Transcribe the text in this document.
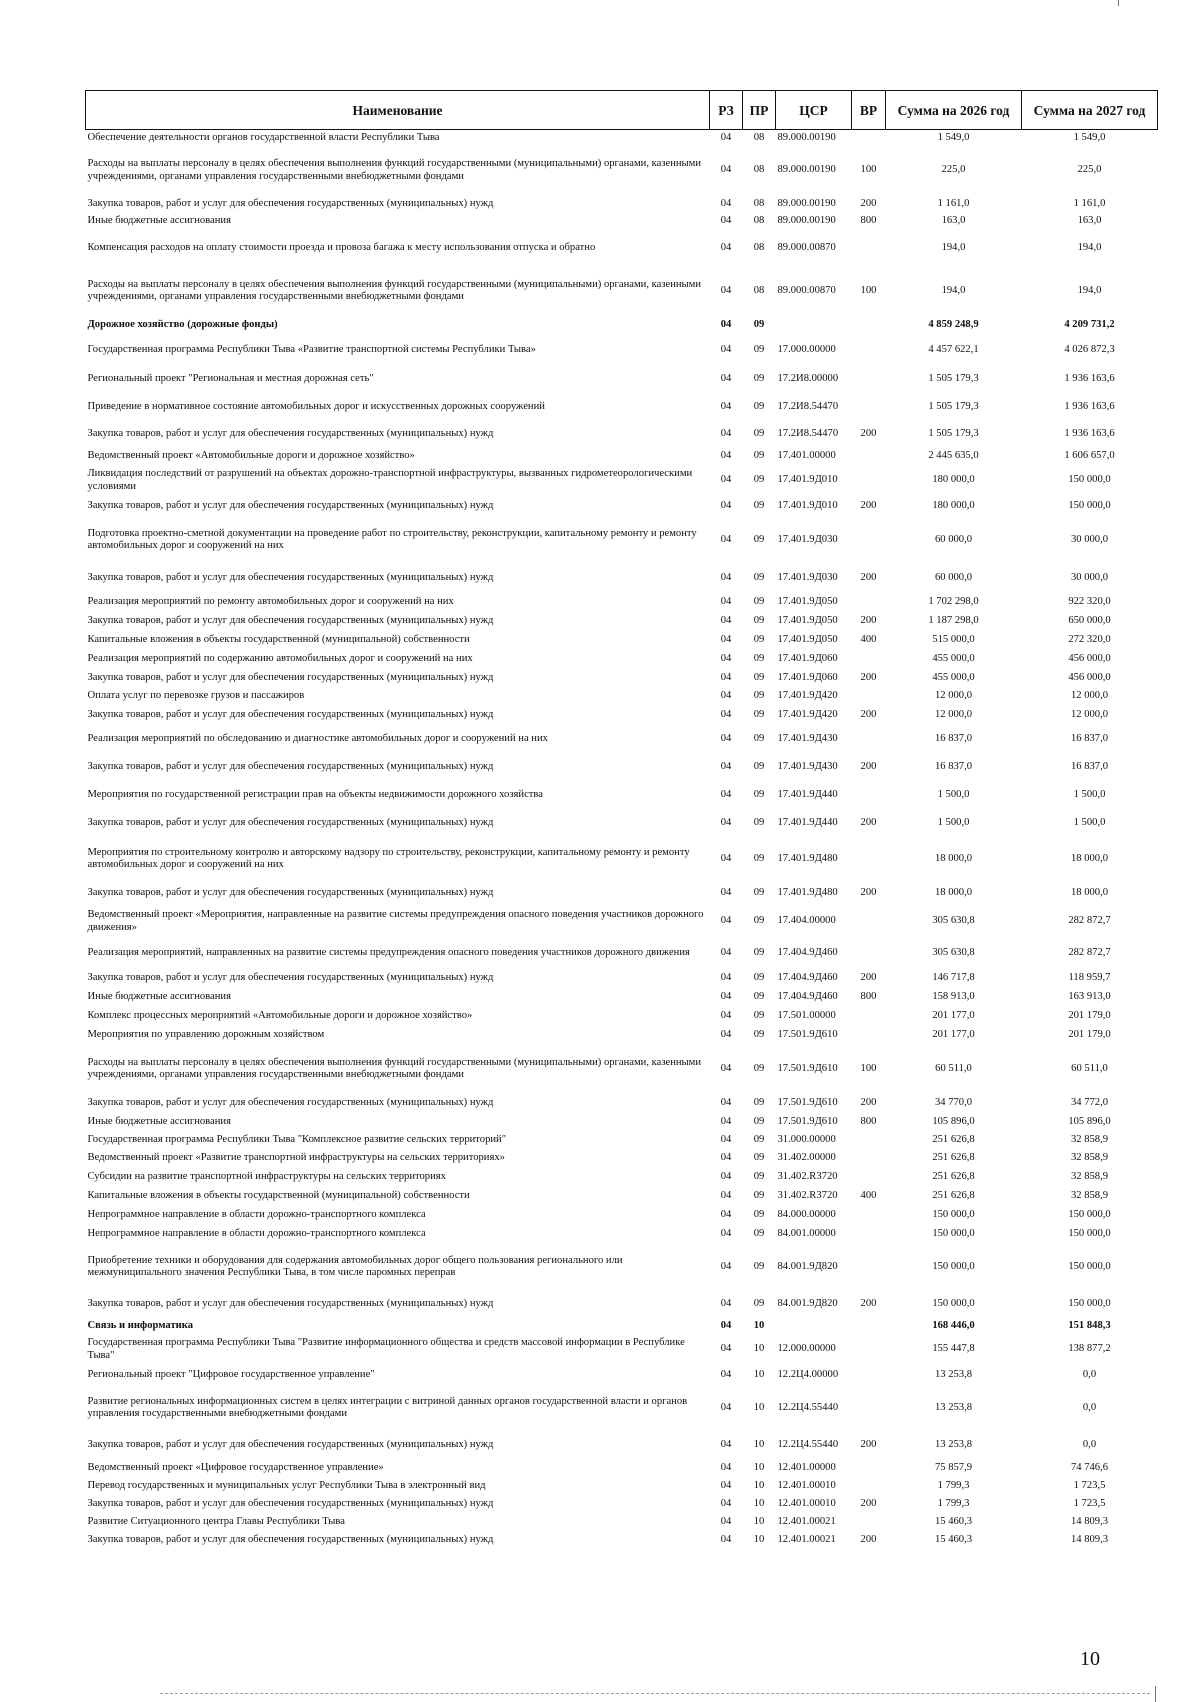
Наименование	РЗ	ПР	ЦСР	ВР	Сумма на 2026 год	Сумма на 2027 год
Обеспечение деятельности органов государственной власти Республики Тыва	04	08	89.000.00190		1 549,0	1 549,0
Расходы на выплаты персоналу в целях обеспечения выполнения функций государственными (муниципальными) органами, казенными учреждениями, органами управления государственными внебюджетными фондами	04	08	89.000.00190	100	225,0	225,0
Закупка товаров, работ и услуг для обеспечения государственных (муниципальных) нужд	04	08	89.000.00190	200	1 161,0	1 161,0
Иные бюджетные ассигнования	04	08	89.000.00190	800	163,0	163,0
Компенсация расходов на оплату стоимости проезда и провоза багажа к месту использования отпуска и обратно	04	08	89.000.00870		194,0	194,0
Расходы на выплаты персоналу в целях обеспечения выполнения функций государственными (муниципальными) органами, казенными учреждениями, органами управления государственными внебюджетными фондами	04	08	89.000.00870	100	194,0	194,0
Дорожное хозяйство (дорожные фонды)	04	09			4 859 248,9	4 209 731,2
Государственная программа Республики Тыва «Развитие транспортной системы Республики Тыва»	04	09	17.000.00000		4 457 622,1	4 026 872,3
Региональный проект "Региональная и местная дорожная сеть"	04	09	17.2И8.00000		1 505 179,3	1 936 163,6
Приведение в нормативное состояние автомобильных дорог и искусственных дорожных сооружений	04	09	17.2И8.54470		1 505 179,3	1 936 163,6
Закупка товаров, работ и услуг для обеспечения государственных (муниципальных) нужд	04	09	17.2И8.54470	200	1 505 179,3	1 936 163,6
Ведомственный проект «Автомобильные дороги и дорожное хозяйство»	04	09	17.401.00000		2 445 635,0	1 606 657,0
Ликвидация последствий от разрушений на объектах дорожно-транспортной инфраструктуры, вызванных гидрометеорологическими условиями	04	09	17.401.9Д010		180 000,0	150 000,0
Закупка товаров, работ и услуг для обеспечения государственных (муниципальных) нужд	04	09	17.401.9Д010	200	180 000,0	150 000,0
Подготовка проектно-сметной документации на проведение работ по строительству, реконструкции, капитальному ремонту и ремонту автомобильных дорог и сооружений на них	04	09	17.401.9Д030		60 000,0	30 000,0
Закупка товаров, работ и услуг для обеспечения государственных (муниципальных) нужд	04	09	17.401.9Д030	200	60 000,0	30 000,0
Реализация мероприятий по ремонту автомобильных дорог и сооружений на них	04	09	17.401.9Д050		1 702 298,0	922 320,0
Закупка товаров, работ и услуг для обеспечения государственных (муниципальных) нужд	04	09	17.401.9Д050	200	1 187 298,0	650 000,0
Капитальные вложения в объекты государственной (муниципальной) собственности	04	09	17.401.9Д050	400	515 000,0	272 320,0
Реализация мероприятий по содержанию автомобильных дорог и сооружений на них	04	09	17.401.9Д060		455 000,0	456 000,0
Закупка товаров, работ и услуг для обеспечения государственных (муниципальных) нужд	04	09	17.401.9Д060	200	455 000,0	456 000,0
Оплата услуг по перевозке грузов и пассажиров	04	09	17.401.9Д420		12 000,0	12 000,0
Закупка товаров, работ и услуг для обеспечения государственных (муниципальных) нужд	04	09	17.401.9Д420	200	12 000,0	12 000,0
Реализация мероприятий по обследованию и диагностике автомобильных дорог и сооружений на них	04	09	17.401.9Д430		16 837,0	16 837,0
Закупка товаров, работ и услуг для обеспечения государственных (муниципальных) нужд	04	09	17.401.9Д430	200	16 837,0	16 837,0
Мероприятия по государственной регистрации прав на объекты недвижимости дорожного хозяйства	04	09	17.401.9Д440		1 500,0	1 500,0
Закупка товаров, работ и услуг для обеспечения государственных (муниципальных) нужд	04	09	17.401.9Д440	200	1 500,0	1 500,0
Мероприятия по строительному контролю и авторскому надзору по строительству, реконструкции, капитальному ремонту и ремонту автомобильных дорог и сооружений на них	04	09	17.401.9Д480		18 000,0	18 000,0
Закупка товаров, работ и услуг для обеспечения государственных (муниципальных) нужд	04	09	17.401.9Д480	200	18 000,0	18 000,0
Ведомственный проект «Мероприятия, направленные на развитие системы предупреждения опасного поведения участников дорожного движения»	04	09	17.404.00000		305 630,8	282 872,7
Реализация мероприятий, направленных на развитие системы предупреждения опасного поведения участников дорожного движения	04	09	17.404.9Д460		305 630,8	282 872,7
Закупка товаров, работ и услуг для обеспечения государственных (муниципальных) нужд	04	09	17.404.9Д460	200	146 717,8	118 959,7
Иные бюджетные ассигнования	04	09	17.404.9Д460	800	158 913,0	163 913,0
Комплекс процессных мероприятий «Автомобильные дороги и дорожное хозяйство»	04	09	17.501.00000		201 177,0	201 179,0
Мероприятия по управлению дорожным хозяйством	04	09	17.501.9Д610		201 177,0	201 179,0
Расходы на выплаты персоналу в целях обеспечения выполнения функций государственными (муниципальными) органами, казенными учреждениями, органами управления государственными внебюджетными фондами	04	09	17.501.9Д610	100	60 511,0	60 511,0
Закупка товаров, работ и услуг для обеспечения государственных (муниципальных) нужд	04	09	17.501.9Д610	200	34 770,0	34 772,0
Иные бюджетные ассигнования	04	09	17.501.9Д610	800	105 896,0	105 896,0
Государственная программа Республики Тыва "Комплексное развитие сельских территорий"	04	09	31.000.00000		251 626,8	32 858,9
Ведомственный проект «Развитие транспортной инфраструктуры на сельских территориях»	04	09	31.402.00000		251 626,8	32 858,9
Субсидии на развитие транспортной инфраструктуры на сельских территориях	04	09	31.402.R3720		251 626,8	32 858,9
Капитальные вложения в объекты государственной (муниципальной) собственности	04	09	31.402.R3720	400	251 626,8	32 858,9
Непрограммное направление в области дорожно-транспортного комплекса	04	09	84.000.00000		150 000,0	150 000,0
Непрограммное направление в области дорожно-транспортного комплекса	04	09	84.001.00000		150 000,0	150 000,0
Приобретение техники и оборудования для содержания автомобильных дорог общего пользования регионального или межмуниципального значения Республики Тыва, в том числе паромных переправ	04	09	84.001.9Д820		150 000,0	150 000,0
Закупка товаров, работ и услуг для обеспечения государственных (муниципальных) нужд	04	09	84.001.9Д820	200	150 000,0	150 000,0
Связь и информатика	04	10			168 446,0	151 848,3
Государственная программа Республики Тыва "Развитие информационного общества и средств массовой информации в Республике Тыва"	04	10	12.000.00000		155 447,8	138 877,2
Региональный проект "Цифровое государственное управление"	04	10	12.2Ц4.00000		13 253,8	0,0
Развитие региональных информационных систем в целях интеграции с витриной данных органов государственной власти и органов управления государственными внебюджетными фондами	04	10	12.2Ц4.55440		13 253,8	0,0
Закупка товаров, работ и услуг для обеспечения государственных (муниципальных) нужд	04	10	12.2Ц4.55440	200	13 253,8	0,0
Ведомственный проект «Цифровое государственное управление»	04	10	12.401.00000		75 857,9	74 746,6
Перевод государственных и муниципальных услуг Республики Тыва в электронный вид	04	10	12.401.00010		1 799,3	1 723,5
Закупка товаров, работ и услуг для обеспечения государственных (муниципальных) нужд	04	10	12.401.00010	200	1 799,3	1 723,5
Развитие Ситуационного центра Главы Республики Тыва	04	10	12.401.00021		15 460,3	14 809,3
Закупка товаров, работ и услуг для обеспечения государственных (муниципальных) нужд	04	10	12.401.00021	200	15 460,3	14 809,3
10
